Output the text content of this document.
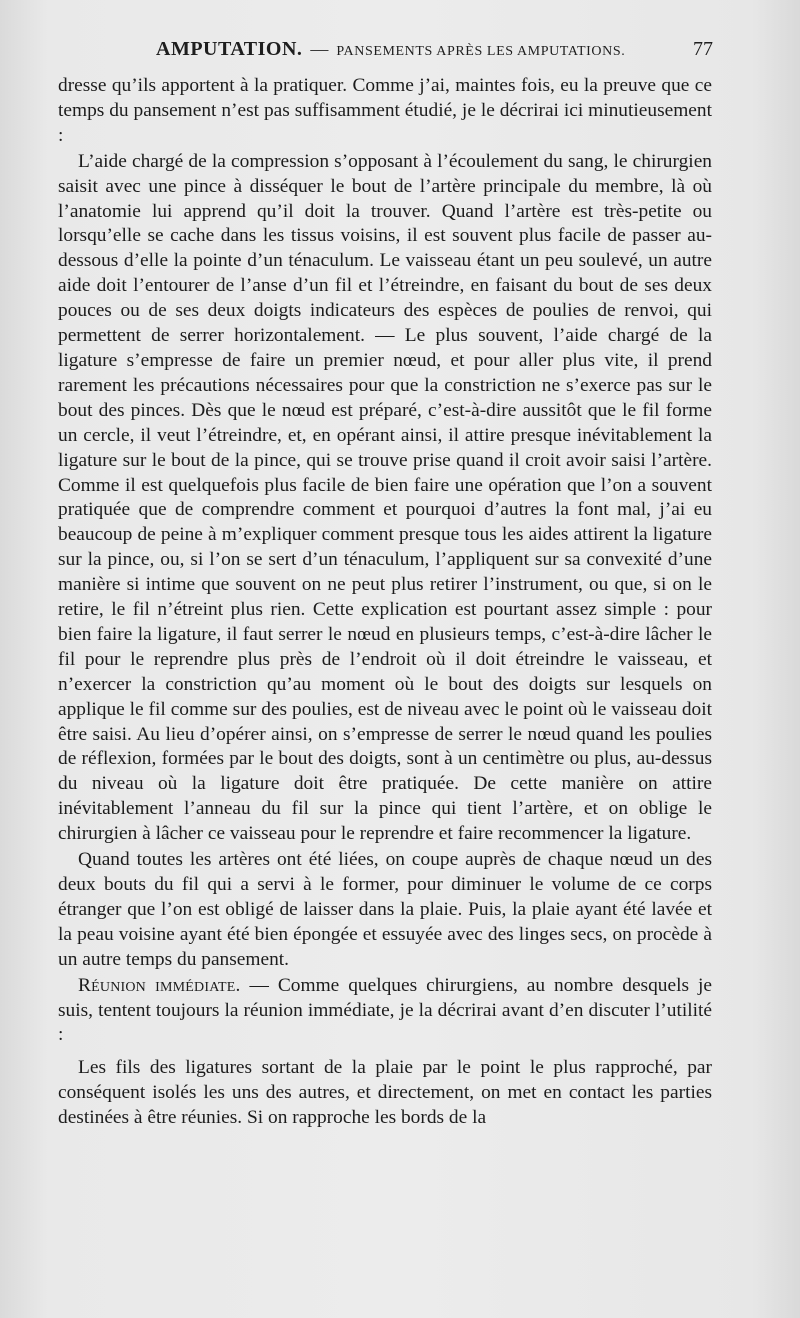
AMPUTATION. — PANSEMENTS APRÈS LES AMPUTATIONS.	77

dresse qu’ils apportent à la pratiquer. Comme j’ai, maintes fois, eu la preuve que ce temps du pansement n’est pas suffisamment étudié, je le décrirai ici minutieusement :

L’aide chargé de la compression s’opposant à l’écoulement du sang, le chirurgien saisit avec une pince à disséquer le bout de l’artère principale du membre, là où l’anatomie lui apprend qu’il doit la trouver. Quand l’artère est très-petite ou lorsqu’elle se cache dans les tissus voisins, il est souvent plus facile de passer au-dessous d’elle la pointe d’un ténaculum. Le vaisseau étant un peu soulevé, un autre aide doit l’entourer de l’anse d’un fil et l’étreindre, en faisant du bout de ses deux pouces ou de ses deux doigts indicateurs des espèces de poulies de renvoi, qui permettent de serrer horizontalement. — Le plus souvent, l’aide chargé de la ligature s’empresse de faire un premier nœud, et pour aller plus vite, il prend rarement les précautions nécessaires pour que la constriction ne s’exerce pas sur le bout des pinces. Dès que le nœud est préparé, c’est-à-dire aussitôt que le fil forme un cercle, il veut l’étreindre, et, en opérant ainsi, il attire presque inévitablement la ligature sur le bout de la pince, qui se trouve prise quand il croit avoir saisi l’artère. Comme il est quelquefois plus facile de bien faire une opération que l’on a souvent pratiquée que de comprendre comment et pourquoi d’autres la font mal, j’ai eu beaucoup de peine à m’expliquer comment presque tous les aides attirent la ligature sur la pince, ou, si l’on se sert d’un ténaculum, l’appliquent sur sa convexité d’une manière si intime que souvent on ne peut plus retirer l’instrument, ou que, si on le retire, le fil n’étreint plus rien. Cette explication est pourtant assez simple : pour bien faire la ligature, il faut serrer le nœud en plusieurs temps, c’est-à-dire lâcher le fil pour le reprendre plus près de l’endroit où il doit étreindre le vaisseau, et n’exercer la constriction qu’au moment où le bout des doigts sur lesquels on applique le fil comme sur des poulies, est de niveau avec le point où le vaisseau doit être saisi. Au lieu d’opérer ainsi, on s’empresse de serrer le nœud quand les poulies de réflexion, formées par le bout des doigts, sont à un centimètre ou plus, au-dessus du niveau où la ligature doit être pratiquée. De cette manière on attire inévitablement l’anneau du fil sur la pince qui tient l’artère, et on oblige le chirurgien à lâcher ce vaisseau pour le reprendre et faire recommencer la ligature.

Quand toutes les artères ont été liées, on coupe auprès de chaque nœud un des deux bouts du fil qui a servi à le former, pour diminuer le volume de ce corps étranger que l’on est obligé de laisser dans la plaie. Puis, la plaie ayant été lavée et la peau voisine ayant été bien épongée et essuyée avec des linges secs, on procède à un autre temps du pansement.

Réunion immédiate. — Comme quelques chirurgiens, au nombre desquels je suis, tentent toujours la réunion immédiate, je la décrirai avant d’en discuter l’utilité :

Les fils des ligatures sortant de la plaie par le point le plus rapproché, par conséquent isolés les uns des autres, et directement, on met en contact les parties destinées à être réunies. Si on rapproche les bords de la
